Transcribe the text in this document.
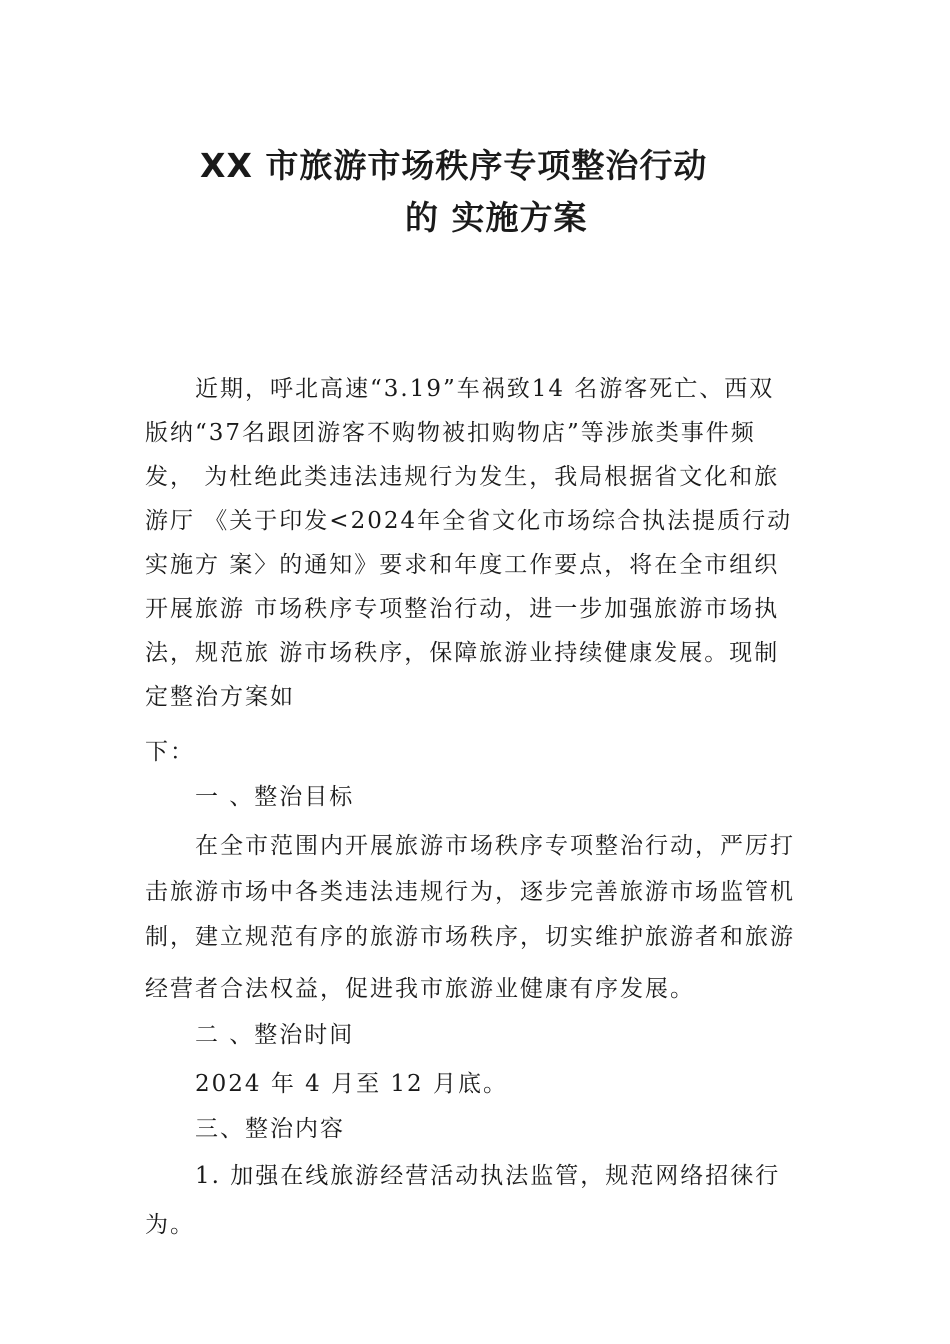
XX 市旅游市场秩序专项整治行动
的 实施方案
近期，呼北高速“3.19”车祸致14 名游客死亡、西双
版纳“37名跟团游客不购物被扣购物店”等涉旅类事件频
发， 为杜绝此类违法违规行为发生，我局根据省文化和旅
游厅 《关于印发<2024年全省文化市场综合执法提质行动
实施方 案〉的通知》要求和年度工作要点，将在全市组织
开展旅游 市场秩序专项整治行动，进一步加强旅游市场执
法，规范旅 游市场秩序，保障旅游业持续健康发展。现制
定整治方案如
下：
一 、整治目标
在全市范围内开展旅游市场秩序专项整治行动，严厉打
击旅游市场中各类违法违规行为，逐步完善旅游市场监管机
制，建立规范有序的旅游市场秩序，切实维护旅游者和旅游
经营者合法权益，促进我市旅游业健康有序发展。
二 、整治时间
2024 年 4 月至 12 月底。
三、整治内容
1. 加强在线旅游经营活动执法监管，规范网络招徕行
为。
